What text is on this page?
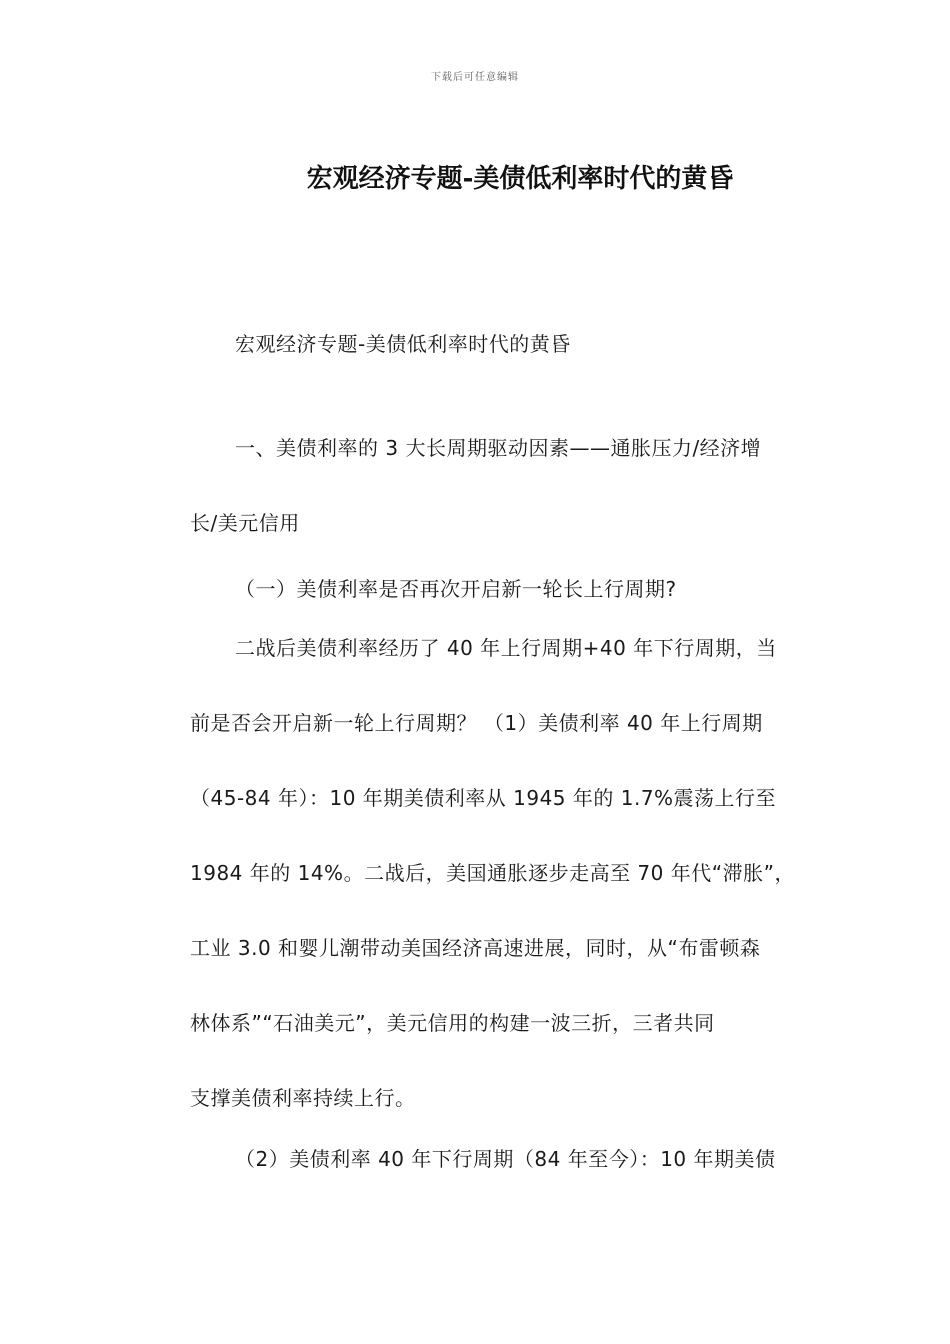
下载后可任意编辑
宏观经济专题-美债低利率时代的黄昏
宏观经济专题-美债低利率时代的黄昏
一、美债利率的 3 大长周期驱动因素——通胀压力/经济增
长/美元信用
（一）美债利率是否再次开启新一轮长上行周期?
二战后美债利率经历了 40 年上行周期+40 年下行周期，当
前是否会开启新一轮上行周期？ （1）美债利率 40 年上行周期
（45-84 年）：10 年期美债利率从 1945 年的 1.7%震荡上行至
1984 年的 14%。二战后，美国通胀逐步走高至 70 年代“滞胀”，
工业 3.0 和婴儿潮带动美国经济高速进展，同时，从“布雷顿森
林体系”“石油美元”，美元信用的构建一波三折，三者共同
支撑美债利率持续上行。
（2）美债利率 40 年下行周期（84 年至今）：10 年期美债
